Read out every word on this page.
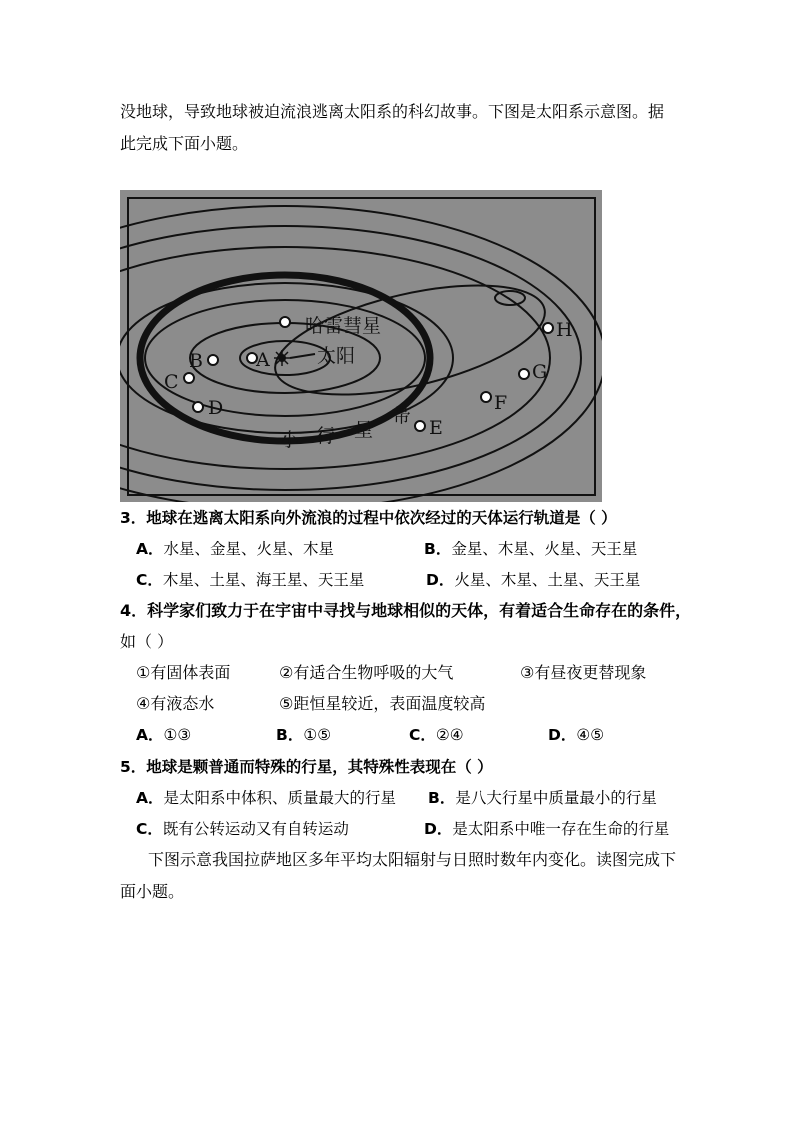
没地球，导致地球被迫流浪逃离太阳系的科幻故事。下图是太阳系示意图。据
此完成下面小题。
哈雷彗星
太阳
A
B
C
D
E
F
G
H
小 行 星
带
3．地球在逃离太阳系向外流浪的过程中依次经过的天体运行轨道是（ ）
A．水星、金星、火星、木星	B．金星、木星、火星、天王星
C．木星、土星、海王星、天王星	D．火星、木星、土星、天王星
4．科学家们致力于在宇宙中寻找与地球相似的天体，有着适合生命存在的条件，
如（ ）
①有固体表面	②有适合生物呼吸的大气	③有昼夜更替现象
④有液态水	⑤距恒星较近，表面温度较高
A．①③	B．①⑤	C．②④	D．④⑤
5．地球是颗普通而特殊的行星，其特殊性表现在（ ）
A．是太阳系中体积、质量最大的行星 B．是八大行星中质量最小的行星
C．既有公转运动又有自转运动	D．是太阳系中唯一存在生命的行星
下图示意我国拉萨地区多年平均太阳辐射与日照时数年内变化。读图完成下
面小题。
